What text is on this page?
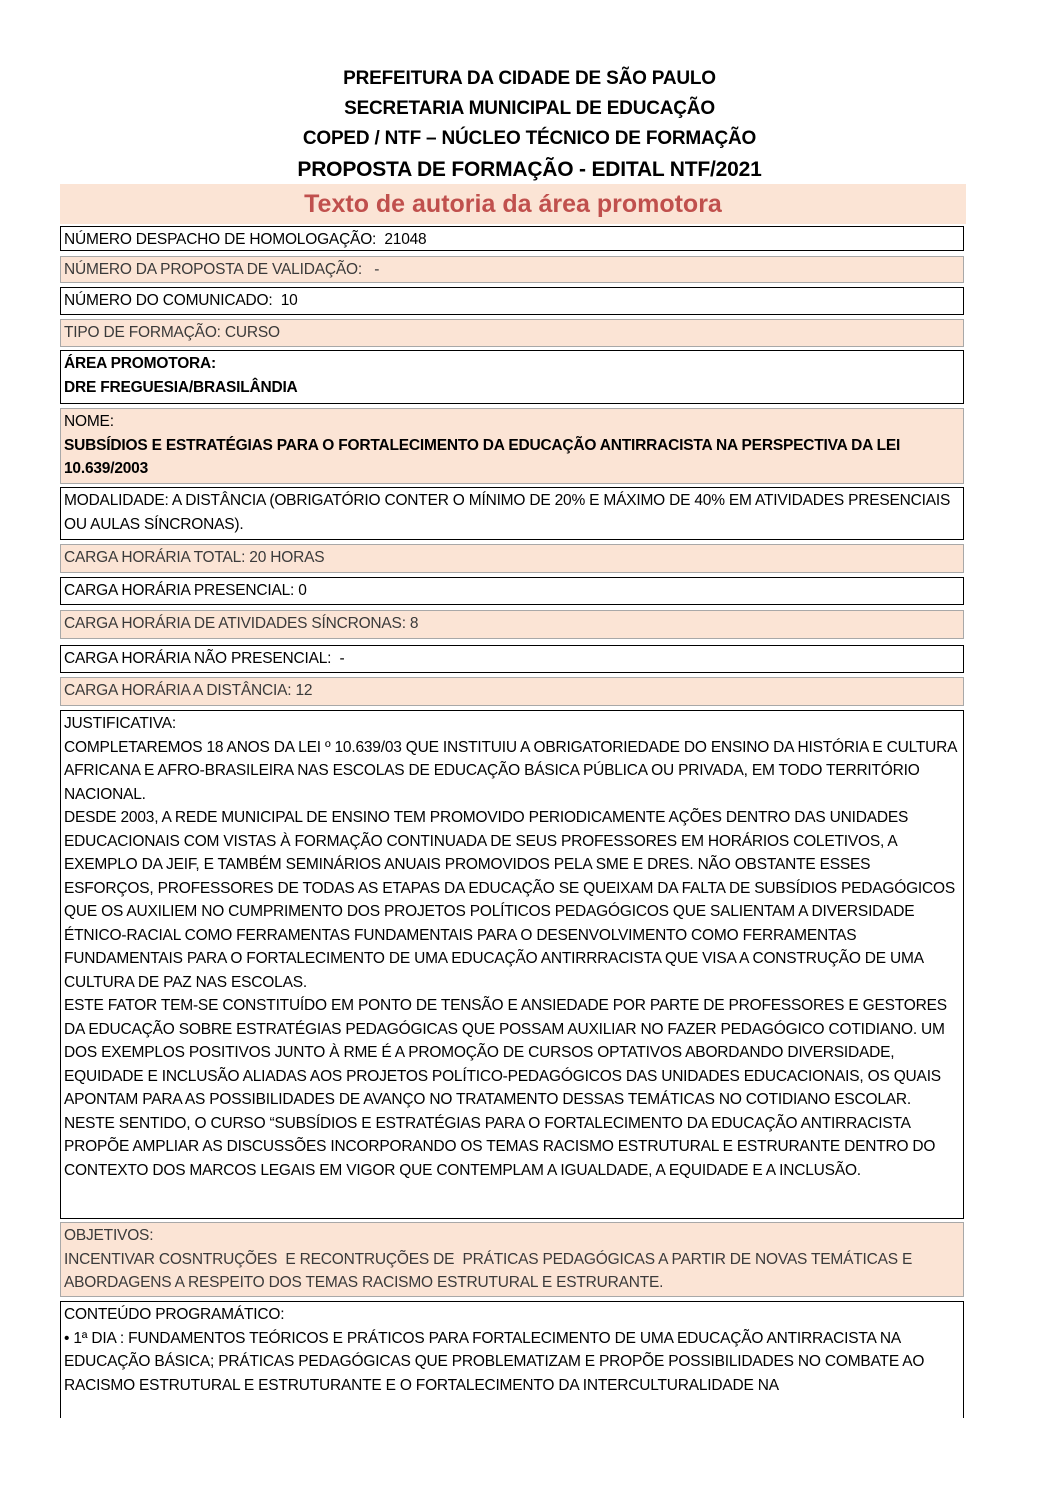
PREFEITURA DA CIDADE DE SÃO PAULO
SECRETARIA MUNICIPAL DE EDUCAÇÃO
COPED / NTF – NÚCLEO TÉCNICO DE FORMAÇÃO
PROPOSTA DE FORMAÇÃO - EDITAL NTF/2021
Texto de autoria da área promotora
NÚMERO DESPACHO DE HOMOLOGAÇÃO:  21048
NÚMERO DA PROPOSTA DE VALIDAÇÃO:   -
NÚMERO DO COMUNICADO:  10
TIPO DE FORMAÇÃO: CURSO
ÁREA PROMOTORA:
DRE FREGUESIA/BRASILÂNDIA
NOME:
SUBSÍDIOS E ESTRATÉGIAS PARA O FORTALECIMENTO DA EDUCAÇÃO ANTIRRACISTA NA PERSPECTIVA DA LEI 10.639/2003
MODALIDADE: A DISTÂNCIA (OBRIGATÓRIO CONTER O MÍNIMO DE 20% E MÁXIMO DE 40% EM ATIVIDADES PRESENCIAIS OU AULAS SÍNCRONAS).
CARGA HORÁRIA TOTAL: 20 HORAS
CARGA HORÁRIA PRESENCIAL: 0
CARGA HORÁRIA DE ATIVIDADES SÍNCRONAS: 8
CARGA HORÁRIA NÃO PRESENCIAL:  -
CARGA HORÁRIA A DISTÂNCIA: 12
JUSTIFICATIVA:
COMPLETAREMOS 18 ANOS DA LEI º 10.639/03 QUE INSTITUIU A OBRIGATORIEDADE DO ENSINO DA HISTÓRIA E CULTURA AFRICANA E AFRO-BRASILEIRA NAS ESCOLAS DE EDUCAÇÃO BÁSICA PÚBLICA OU PRIVADA, EM TODO TERRITÓRIO NACIONAL.
DESDE 2003, A REDE MUNICIPAL DE ENSINO TEM PROMOVIDO PERIODICAMENTE AÇÕES DENTRO DAS UNIDADES EDUCACIONAIS COM VISTAS À FORMAÇÃO CONTINUADA DE SEUS PROFESSORES EM HORÁRIOS COLETIVOS, A EXEMPLO DA JEIF, E TAMBÉM SEMINÁRIOS ANUAIS PROMOVIDOS PELA SME E DRES. NÃO OBSTANTE ESSES ESFORÇOS, PROFESSORES DE TODAS AS ETAPAS DA EDUCAÇÃO SE QUEIXAM DA FALTA DE SUBSÍDIOS PEDAGÓGICOS QUE OS AUXILIEM NO CUMPRIMENTO DOS PROJETOS POLÍTICOS PEDAGÓGICOS QUE SALIENTAM A DIVERSIDADE ÉTNICO-RACIAL COMO FERRAMENTAS FUNDAMENTAIS PARA O DESENVOLVIMENTO COMO FERRAMENTAS FUNDAMENTAIS PARA O FORTALECIMENTO DE UMA EDUCAÇÃO ANTIRRRACISTA QUE VISA A CONSTRUÇÃO DE UMA CULTURA DE PAZ NAS ESCOLAS.
ESTE FATOR TEM-SE CONSTITUÍDO EM PONTO DE TENSÃO E ANSIEDADE POR PARTE DE PROFESSORES E GESTORES DA EDUCAÇÃO SOBRE ESTRATÉGIAS PEDAGÓGICAS QUE POSSAM AUXILIAR NO FAZER PEDAGÓGICO COTIDIANO. UM DOS EXEMPLOS POSITIVOS JUNTO À RME É A PROMOÇÃO DE CURSOS OPTATIVOS ABORDANDO DIVERSIDADE, EQUIDADE E INCLUSÃO ALIADAS AOS PROJETOS POLÍTICO-PEDAGÓGICOS DAS UNIDADES EDUCACIONAIS, OS QUAIS APONTAM PARA AS POSSIBILIDADES DE AVANÇO NO TRATAMENTO DESSAS TEMÁTICAS NO COTIDIANO ESCOLAR.
NESTE SENTIDO, O CURSO “SUBSÍDIOS E ESTRATÉGIAS PARA O FORTALECIMENTO DA EDUCAÇÃO ANTIRRACISTA PROPÕE AMPLIAR AS DISCUSSÕES INCORPORANDO OS TEMAS RACISMO ESTRUTURAL E ESTRURANTE DENTRO DO CONTEXTO DOS MARCOS LEGAIS EM VIGOR QUE CONTEMPLAM A IGUALDADE, A EQUIDADE E A INCLUSÃO.
OBJETIVOS:
INCENTIVAR COSNTRUÇÕES  E RECONTRUÇÕES DE  PRÁTICAS PEDAGÓGICAS A PARTIR DE NOVAS TEMÁTICAS E ABORDAGENS A RESPEITO DOS TEMAS RACISMO ESTRUTURAL E ESTRURANTE.
CONTEÚDO PROGRAMÁTICO:
• 1ª DIA : FUNDAMENTOS TEÓRICOS E PRÁTICOS PARA FORTALECIMENTO DE UMA EDUCAÇÃO ANTIRRACISTA NA EDUCAÇÃO BÁSICA; PRÁTICAS PEDAGÓGICAS QUE PROBLEMATIZAM E PROPÕE POSSIBILIDADES NO COMBATE AO RACISMO ESTRUTURAL E ESTRUTURANTE E O FORTALECIMENTO DA INTERCULTURALIDADE NA
